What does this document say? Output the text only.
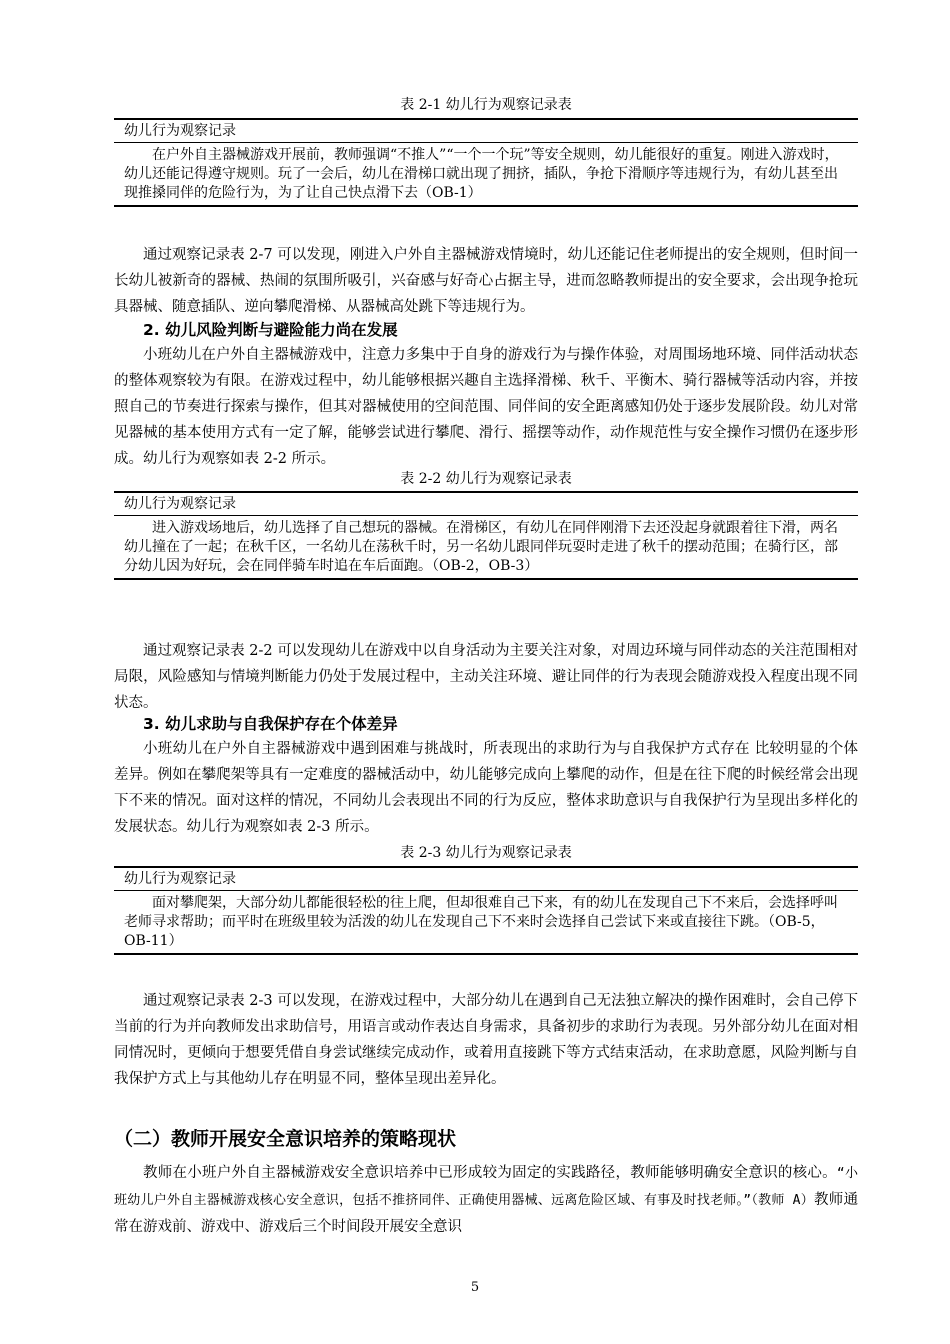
表 2-1 幼儿行为观察记录表
幼儿行为观察记录
在户外自主器械游戏开展前，教师强调“不推人”“一个一个玩”等安全规则，幼儿能很好的重复。刚进入游戏时，幼儿还能记得遵守规则。玩了一会后，幼儿在滑梯口就出现了拥挤，插队，争抢下滑顺序等违规行为，有幼儿甚至出现推搡同伴的危险行为，为了让自己快点滑下去（OB-1）

通过观察记录表 2-7 可以发现，刚进入户外自主器械游戏情境时，幼儿还能记住老师提出的安全规则，但时间一长幼儿被新奇的器械、热闹的氛围所吸引，兴奋感与好奇心占据主导，进而忽略教师提出的安全要求，会出现争抢玩具器械、随意插队、逆向攀爬滑梯、从器械高处跳下等违规行为。

2. 幼儿风险判断与避险能力尚在发展

小班幼儿在户外自主器械游戏中，注意力多集中于自身的游戏行为与操作体验，对周围场地环境、同伴活动状态的整体观察较为有限。在游戏过程中，幼儿能够根据兴趣自主选择滑梯、秋千、平衡木、骑行器械等活动内容，并按照自己的节奏进行探索与操作，但其对器械使用的空间范围、同伴间的安全距离感知仍处于逐步发展阶段。幼儿对常见器械的基本使用方式有一定了解，能够尝试进行攀爬、滑行、摇摆等动作，动作规范性与安全操作习惯仍在逐步形成。幼儿行为观察如表 2-2 所示。

表 2-2 幼儿行为观察记录表
幼儿行为观察记录
进入游戏场地后，幼儿选择了自己想玩的器械。在滑梯区，有幼儿在同伴刚滑下去还没起身就跟着往下滑，两名幼儿撞在了一起；在秋千区，一名幼儿在荡秋千时，另一名幼儿跟同伴玩耍时走进了秋千的摆动范围；在骑行区，部分幼儿因为好玩，会在同伴骑车时追在车后面跑。（OB-2，OB-3）

通过观察记录表 2-2 可以发现幼儿在游戏中以自身活动为主要关注对象，对周边环境与同伴动态的关注范围相对局限，风险感知与情境判断能力仍处于发展过程中，主动关注环境、避让同伴的行为表现会随游戏投入程度出现不同状态。

3. 幼儿求助与自我保护存在个体差异

小班幼儿在户外自主器械游戏中遇到困难与挑战时，所表现出的求助行为与自我保护方式存在 比较明显的个体差异。例如在攀爬架等具有一定难度的器械活动中，幼儿能够完成向上攀爬的动作，但是在往下爬的时候经常会出现下不来的情况。面对这样的情况，不同幼儿会表现出不同的行为反应，整体求助意识与自我保护行为呈现出多样化的发展状态。幼儿行为观察如表 2-3 所示。

表 2-3 幼儿行为观察记录表
幼儿行为观察记录
面对攀爬架，大部分幼儿都能很轻松的往上爬，但却很难自己下来，有的幼儿在发现自己下不来后，会选择呼叫老师寻求帮助；而平时在班级里较为活泼的幼儿在发现自己下不来时会选择自己尝试下来或直接往下跳。（OB-5，OB-11）

通过观察记录表 2-3 可以发现，在游戏过程中，大部分幼儿在遇到自己无法独立解决的操作困难时，会自己停下当前的行为并向教师发出求助信号，用语言或动作表达自身需求，具备初步的求助行为表现。另外部分幼儿在面对相同情况时，更倾向于想要凭借自身尝试继续完成动作，或着用直接跳下等方式结束活动，在求助意愿，风险判断与自我保护方式上与其他幼儿存在明显不同，整体呈现出差异化。

（二）教师开展安全意识培养的策略现状

教师在小班户外自主器械游戏安全意识培养中已形成较为固定的实践路径，教师能够明确安全意识的核心。“小班幼儿户外自主器械游戏核心安全意识，包括不推挤同伴、正确使用器械、远离危险区域、有事及时找老师。”（教师 A）教师通常在游戏前、游戏中、游戏后三个时间段开展安全意识

5
